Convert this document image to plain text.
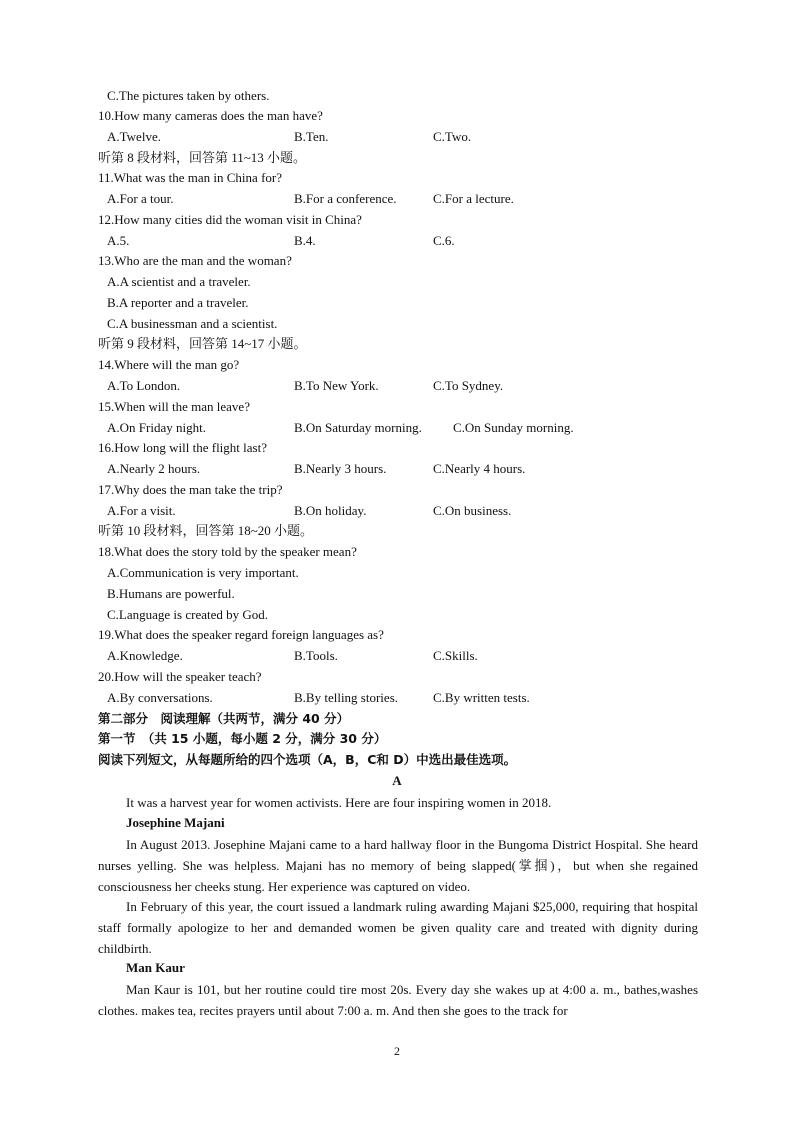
C.The pictures taken by others.
10.How many cameras does the man have?
A.Twelve.	B.Ten.	C.Two.
听第 8 段材料，回答第 11~13 小题。
11.What was the man in China for?
A.For a tour.	B.For a conference.	C.For a lecture.
12.How many cities did the woman visit in China?
A.5.	B.4.	C.6.
13.Who are the man and the woman?
A.A scientist and a traveler.
B.A reporter and a traveler.
C.A businessman and a scientist.
听第 9 段材料，回答第 14~17 小题。
14.Where will the man go?
A.To London.	B.To New York.	C.To Sydney.
15.When will the man leave?
A.On Friday night.	B.On Saturday morning. C.On Sunday morning.
16.How long will the flight last?
A.Nearly 2 hours.	B.Nearly 3 hours.	C.Nearly 4 hours.
17.Why does the man take the trip?
A.For a visit.	B.On holiday.	C.On business.
听第 10 段材料，回答第 18~20 小题。
18.What does the story told by the speaker mean?
A.Communication is very important.
B.Humans are powerful.
C.Language is created by God.
19.What does the speaker regard foreign languages as?
A.Knowledge.	B.Tools.	C.Skills.
20.How will the speaker teach?
A.By conversations.	B.By telling stories.	C.By written tests.
第二部分　阅读理解（共两节，满分 40 分）
第一节　（共 15 小题，每小题 2 分，满分 30 分）
阅读下列短文，从每题所给的四个选项（A，B，C和 D）中选出最佳选项。
A

It was a harvest year for women activists. Here are four inspiring women in 2018.

Josephine Majani

In August 2013. Josephine Majani came to a hard hallway floor in the Bungoma District Hospital. She heard nurses yelling. She was helpless. Majani has no memory of being slapped(掌掴)，but when she regained consciousness her cheeks stung. Her experience was captured on video.

In February of this year, the court issued a landmark ruling awarding Majani $25,000, requiring that hospital staff formally apologize to her and demanded women be given quality care and treated with dignity during childbirth.

Man Kaur

Man Kaur is 101, but her routine could tire most 20s. Every day she wakes up at 4:00 a. m., bathes,washes clothes. makes tea, recites prayers until about 7:00 a. m. And then she goes to the track for

2
